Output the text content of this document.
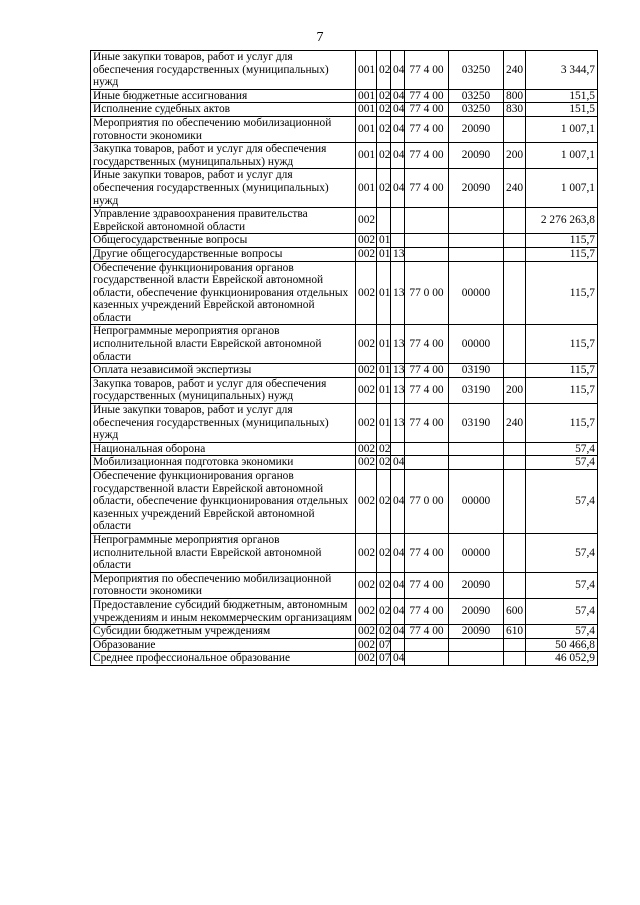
7
Иные закупки товаров, работ и услуг для обеспечения государственных (муниципальных) нужд	001	02	04	77 4 00	03250	240	3 344,7
Иные бюджетные ассигнования	001	02	04	77 4 00	03250	800	151,5
Исполнение судебных актов	001	02	04	77 4 00	03250	830	151,5
Мероприятия по обеспечению мобилизационной готовности экономики	001	02	04	77 4 00	20090		1 007,1
Закупка товаров, работ и услуг для обеспечения государственных (муниципальных) нужд	001	02	04	77 4 00	20090	200	1 007,1
Иные закупки товаров, работ и услуг для обеспечения государственных (муниципальных) нужд	001	02	04	77 4 00	20090	240	1 007,1
Управление здравоохранения правительства Еврейской автономной области	002						2 276 263,8
Общегосударственные вопросы	002	01					115,7
Другие общегосударственные вопросы	002	01	13				115,7
Обеспечение функционирования органов государственной власти Еврейской автономной области, обеспечение функционирования отдельных казенных учреждений Еврейской автономной области	002	01	13	77 0 00	00000		115,7
Непрограммные мероприятия органов исполнительной власти Еврейской автономной области	002	01	13	77 4 00	00000		115,7
Оплата независимой экспертизы	002	01	13	77 4 00	03190		115,7
Закупка товаров, работ и услуг для обеспечения государственных (муниципальных) нужд	002	01	13	77 4 00	03190	200	115,7
Иные закупки товаров, работ и услуг для обеспечения государственных (муниципальных) нужд	002	01	13	77 4 00	03190	240	115,7
Национальная оборона	002	02					57,4
Мобилизационная подготовка экономики	002	02	04				57,4
Обеспечение функционирования органов государственной власти Еврейской автономной области, обеспечение функционирования отдельных казенных учреждений Еврейской автономной области	002	02	04	77 0 00	00000		57,4
Непрограммные мероприятия органов исполнительной власти Еврейской автономной области	002	02	04	77 4 00	00000		57,4
Мероприятия по обеспечению мобилизационной готовности экономики	002	02	04	77 4 00	20090		57,4
Предоставление субсидий бюджетным, автономным учреждениям и иным некоммерческим организациям	002	02	04	77 4 00	20090	600	57,4
Субсидии бюджетным учреждениям	002	02	04	77 4 00	20090	610	57,4
Образование	002	07					50 466,8
Среднее профессиональное образование	002	07	04				46 052,9
